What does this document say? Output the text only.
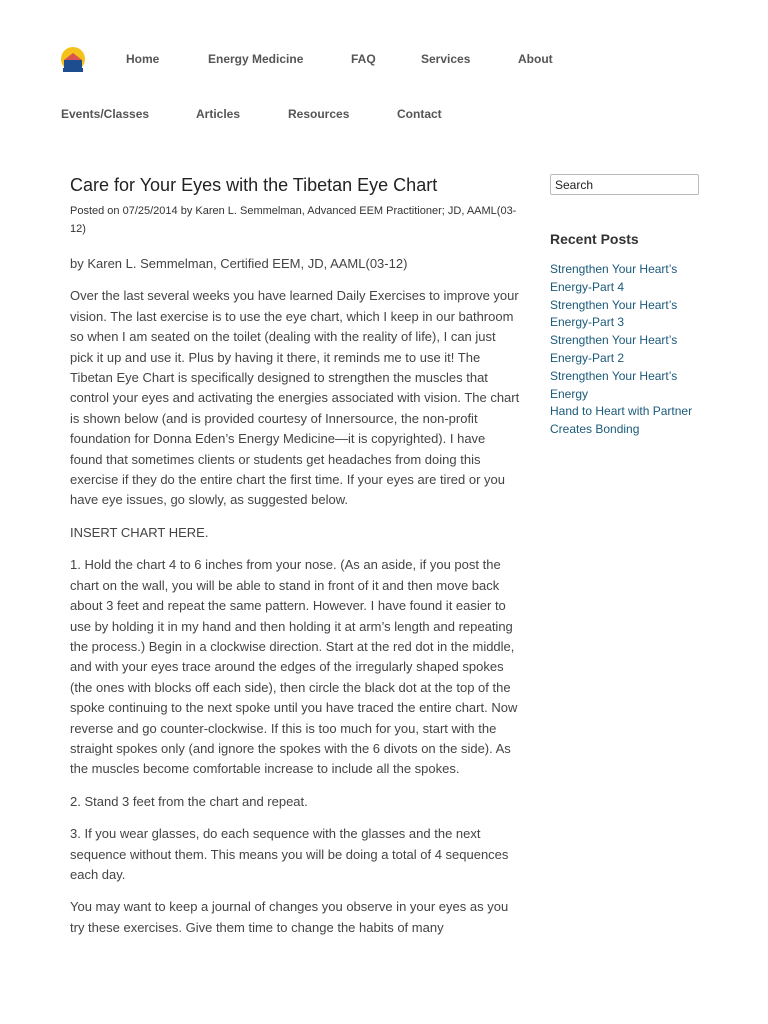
Home	Energy Medicine	FAQ	Services	About
Events/Classes	Articles	Resources	Contact
Care for Your Eyes with the Tibetan Eye Chart
Posted on 07/25/2014 by Karen L. Semmelman, Advanced EEM Practitioner; JD, AAML(03-12)

by Karen L. Semmelman, Certified EEM, JD, AAML(03-12)

Over the last several weeks you have learned Daily Exercises to improve your vision. The last exercise is to use the eye chart, which I keep in our bathroom so when I am seated on the toilet (dealing with the reality of life), I can just pick it up and use it. Plus by having it there, it reminds me to use it! The Tibetan Eye Chart is specifically designed to strengthen the muscles that control your eyes and activating the energies associated with vision. The chart is shown below (and is provided courtesy of Innersource, the non-profit foundation for Donna Eden’s Energy Medicine—it is copyrighted). I have found that sometimes clients or students get headaches from doing this exercise if they do the entire chart the first time. If your eyes are tired or you have eye issues, go slowly, as suggested below.

INSERT CHART HERE.

1. Hold the chart 4 to 6 inches from your nose. (As an aside, if you post the chart on the wall, you will be able to stand in front of it and then move back about 3 feet and repeat the same pattern. However. I have found it easier to use by holding it in my hand and then holding it at arm’s length and repeating the process.) Begin in a clockwise direction. Start at the red dot in the middle, and with your eyes trace around the edges of the irregularly shaped spokes (the ones with blocks off each side), then circle the black dot at the top of the spoke continuing to the next spoke until you have traced the entire chart. Now reverse and go counter-clockwise. If this is too much for you, start with the straight spokes only (and ignore the spokes with the 6 divots on the side). As the muscles become comfortable increase to include all the spokes.

2. Stand 3 feet from the chart and repeat.

3. If you wear glasses, do each sequence with the glasses and the next sequence without them. This means you will be doing a total of 4 sequences each day.

You may want to keep a journal of changes you observe in your eyes as you try these exercises. Give them time to change the habits of many

Search
Recent Posts
Strengthen Your Heart’s Energy-Part 4
Strengthen Your Heart’s Energy-Part 3
Strengthen Your Heart’s Energy-Part 2
Strengthen Your Heart’s Energy
Hand to Heart with Partner Creates Bonding
